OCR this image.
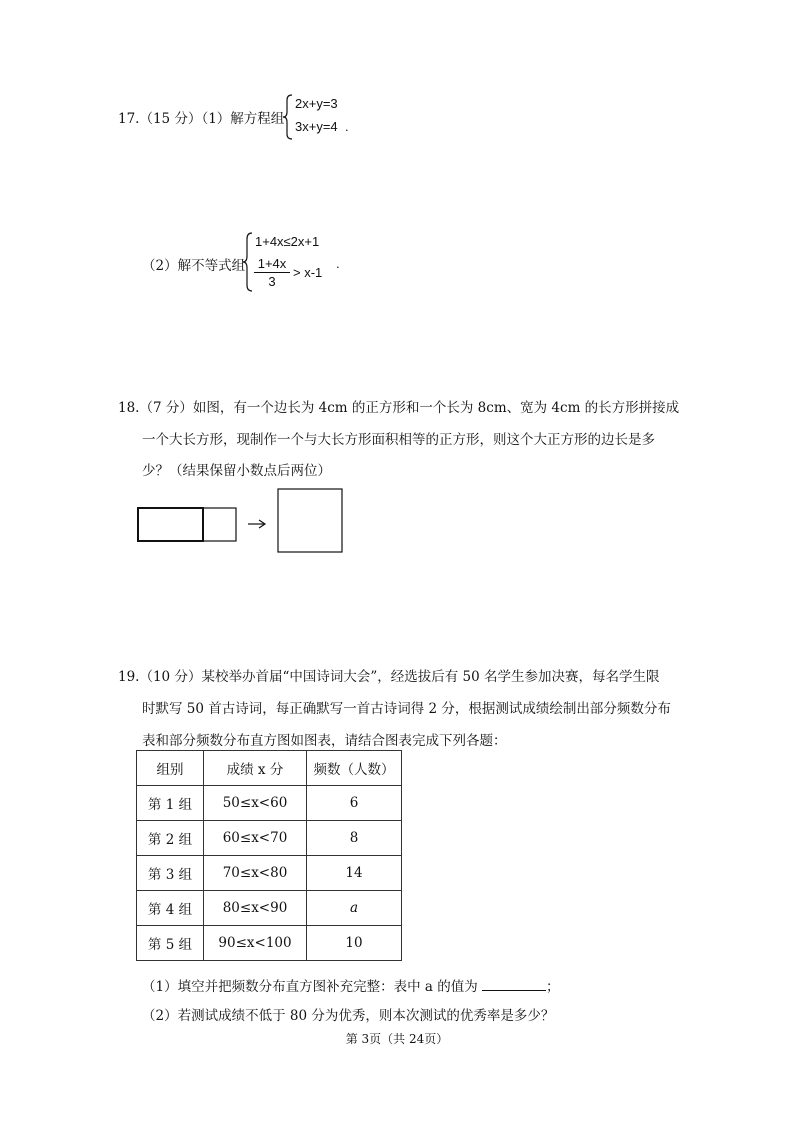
17.（15 分）（1）解方程组
2x+y=3
3x+y=4 .
（2）解不等式组
1+4x≤2x+1
1+4x
3
> x-1
.
18.（7 分）如图，有一个边长为 4cm 的正方形和一个长为 8cm、宽为 4cm 的长方形拼接成
一个大长方形，现制作一个与大长方形面积相等的正方形，则这个大正方形的边长是多
少？（结果保留小数点后两位）
19.（10 分）某校举办首届“中国诗词大会”，经选拔后有 50 名学生参加决赛，每名学生限
时默写 50 首古诗词，每正确默写一首古诗词得 2 分，根据测试成绩绘制出部分频数分布
表和部分频数分布直方图如图表，请结合图表完成下列各题：
组别	成绩 x 分	频数（人数）
第 1 组	50≤x<60	6
第 2 组	60≤x<70	8
第 3 组	70≤x<80	14
第 4 组	80≤x<90	a
第 5 组	90≤x<100	10
（1）填空并把频数分布直方图补充完整：表中 a 的值为	；
（2）若测试成绩不低于 80 分为优秀，则本次测试的优秀率是多少？
第 3页（共 24页）
